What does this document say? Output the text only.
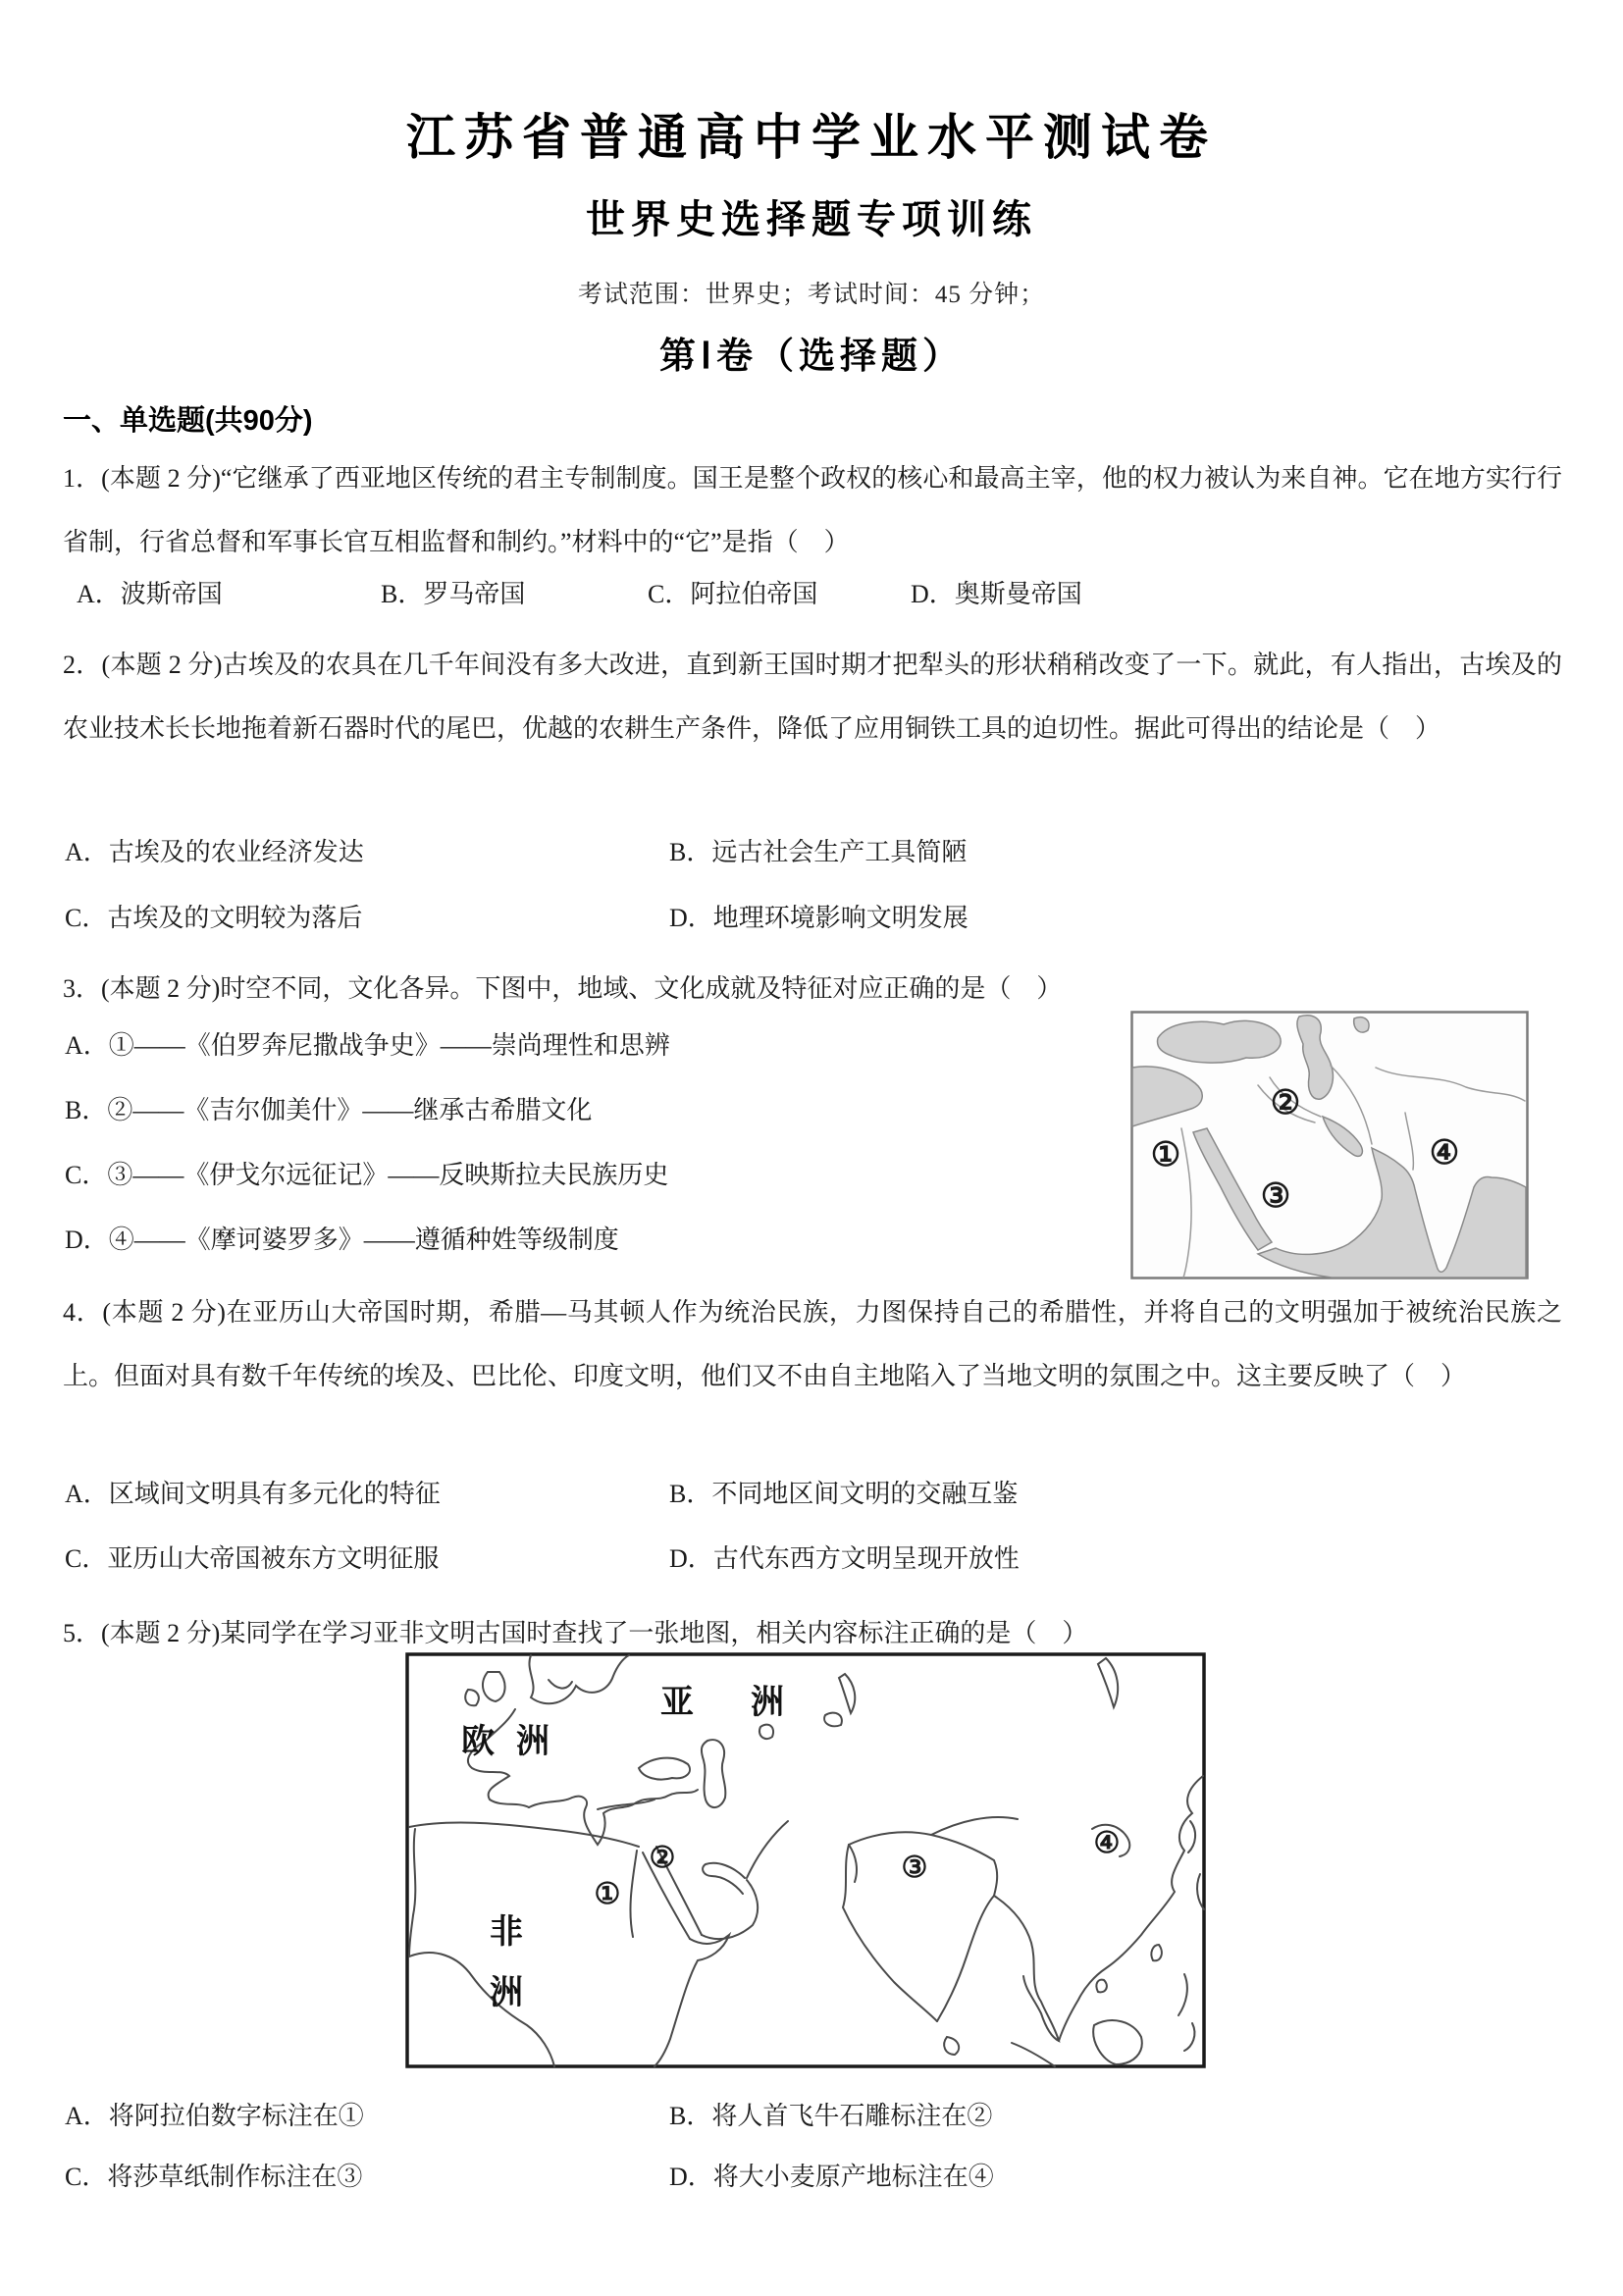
江苏省普通高中学业水平测试卷
世界史选择题专项训练
考试范围：世界史；考试时间：45 分钟；
第Ⅰ卷（选择题）
一、单选题(共90分)
1．(本题 2 分)“它继承了西亚地区传统的君主专制制度。国王是整个政权的核心和最高主宰，他的权力被认为来自神。它在地方实行行省制，行省总督和军事长官互相监督和制约。”材料中的“它”是指（　）
A．波斯帝国	B．罗马帝国	C．阿拉伯帝国	D．奥斯曼帝国
2．(本题 2 分)古埃及的农具在几千年间没有多大改进，直到新王国时期才把犁头的形状稍稍改变了一下。就此，有人指出，古埃及的农业技术长长地拖着新石器时代的尾巴，优越的农耕生产条件，降低了应用铜铁工具的迫切性。据此可得出的结论是（　）
A．古埃及的农业经济发达	B．远古社会生产工具简陋
C．古埃及的文明较为落后	D．地理环境影响文明发展
3．(本题 2 分)时空不同，文化各异。下图中，地域、文化成就及特征对应正确的是（　）
A．①——《伯罗奔尼撒战争史》——崇尚理性和思辨
B．②——《吉尔伽美什》——继承古希腊文化
C．③——《伊戈尔远征记》——反映斯拉夫民族历史
D．④——《摩诃婆罗多》——遵循种姓等级制度
①
②
③
④
4．(本题 2 分)在亚历山大帝国时期，希腊—马其顿人作为统治民族，力图保持自己的希腊性，并将自己的文明强加于被统治民族之上。但面对具有数千年传统的埃及、巴比伦、印度文明，他们又不由自主地陷入了当地文明的氛围之中。这主要反映了（　）
A．区域间文明具有多元化的特征	B．不同地区间文明的交融互鉴
C．亚历山大帝国被东方文明征服	D．古代东西方文明呈现开放性
5．(本题 2 分)某同学在学习亚非文明古国时查找了一张地图，相关内容标注正确的是（　）
欧 洲
亚 洲
非
洲
①
②	③
④
A．将阿拉伯数字标注在①	B．将人首飞牛石雕标注在②
C．将莎草纸制作标注在③	D．将大小麦原产地标注在④
